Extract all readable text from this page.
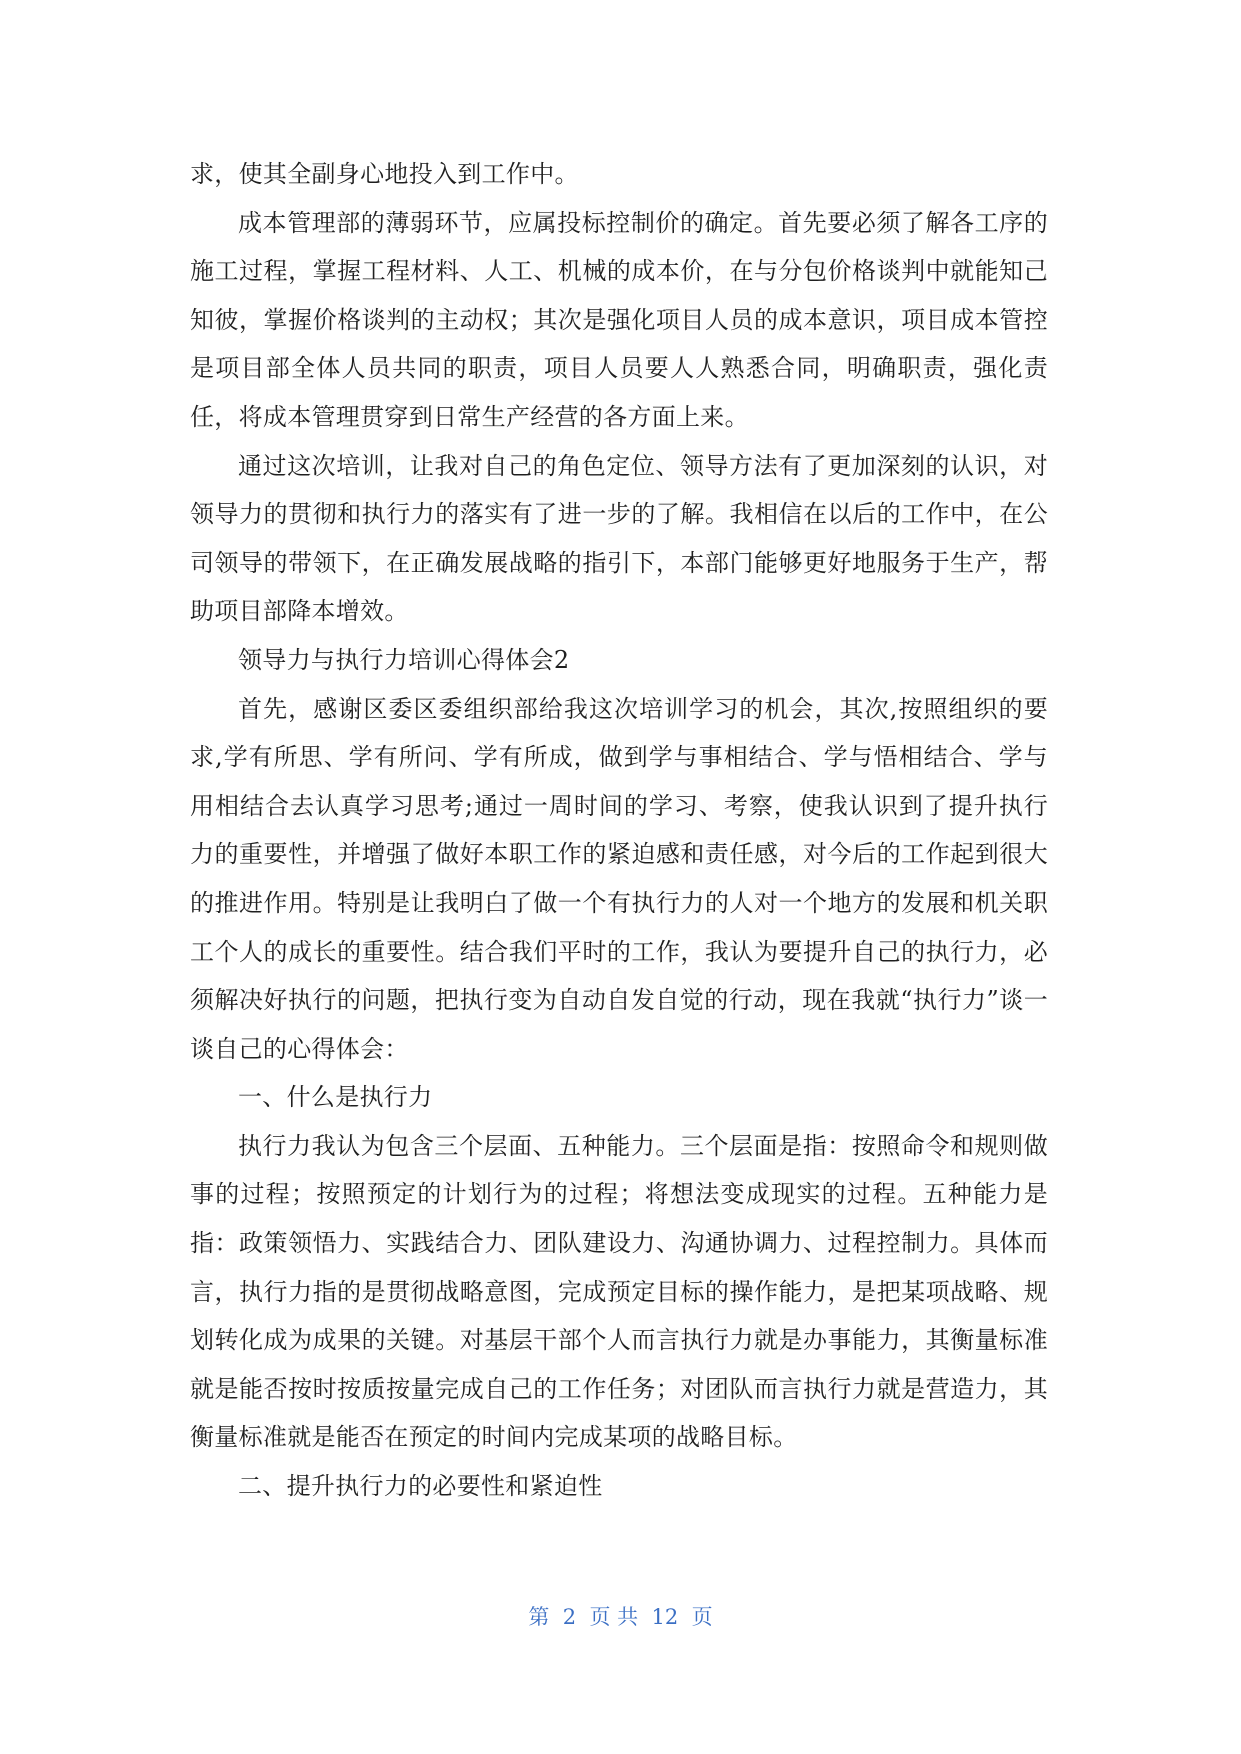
求，使其全副身心地投入到工作中。

成本管理部的薄弱环节，应属投标控制价的确定。首先要必须了解各工序的施工过程，掌握工程材料、人工、机械的成本价，在与分包价格谈判中就能知己知彼，掌握价格谈判的主动权；其次是强化项目人员的成本意识，项目成本管控是项目部全体人员共同的职责，项目人员要人人熟悉合同，明确职责，强化责任，将成本管理贯穿到日常生产经营的各方面上来。

通过这次培训，让我对自己的角色定位、领导方法有了更加深刻的认识，对领导力的贯彻和执行力的落实有了进一步的了解。我相信在以后的工作中，在公司领导的带领下，在正确发展战略的指引下，本部门能够更好地服务于生产，帮助项目部降本增效。

领导力与执行力培训心得体会2

首先，感谢区委区委组织部给我这次培训学习的机会，其次,按照组织的要求,学有所思、学有所问、学有所成，做到学与事相结合、学与悟相结合、学与用相结合去认真学习思考;通过一周时间的学习、考察，使我认识到了提升执行力的重要性，并增强了做好本职工作的紧迫感和责任感，对今后的工作起到很大的推进作用。特别是让我明白了做一个有执行力的人对一个地方的发展和机关职工个人的成长的重要性。结合我们平时的工作，我认为要提升自己的执行力，必须解决好执行的问题，把执行变为自动自发自觉的行动，现在我就“执行力”谈一谈自己的心得体会：

一、什么是执行力

执行力我认为包含三个层面、五种能力。三个层面是指：按照命令和规则做事的过程；按照预定的计划行为的过程；将想法变成现实的过程。五种能力是指：政策领悟力、实践结合力、团队建设力、沟通协调力、过程控制力。具体而言，执行力指的是贯彻战略意图，完成预定目标的操作能力，是把某项战略、规划转化成为成果的关键。对基层干部个人而言执行力就是办事能力，其衡量标准就是能否按时按质按量完成自己的工作任务；对团队而言执行力就是营造力，其衡量标准就是能否在预定的时间内完成某项的战略目标。

二、提升执行力的必要性和紧迫性

第  2  页 共  12  页
